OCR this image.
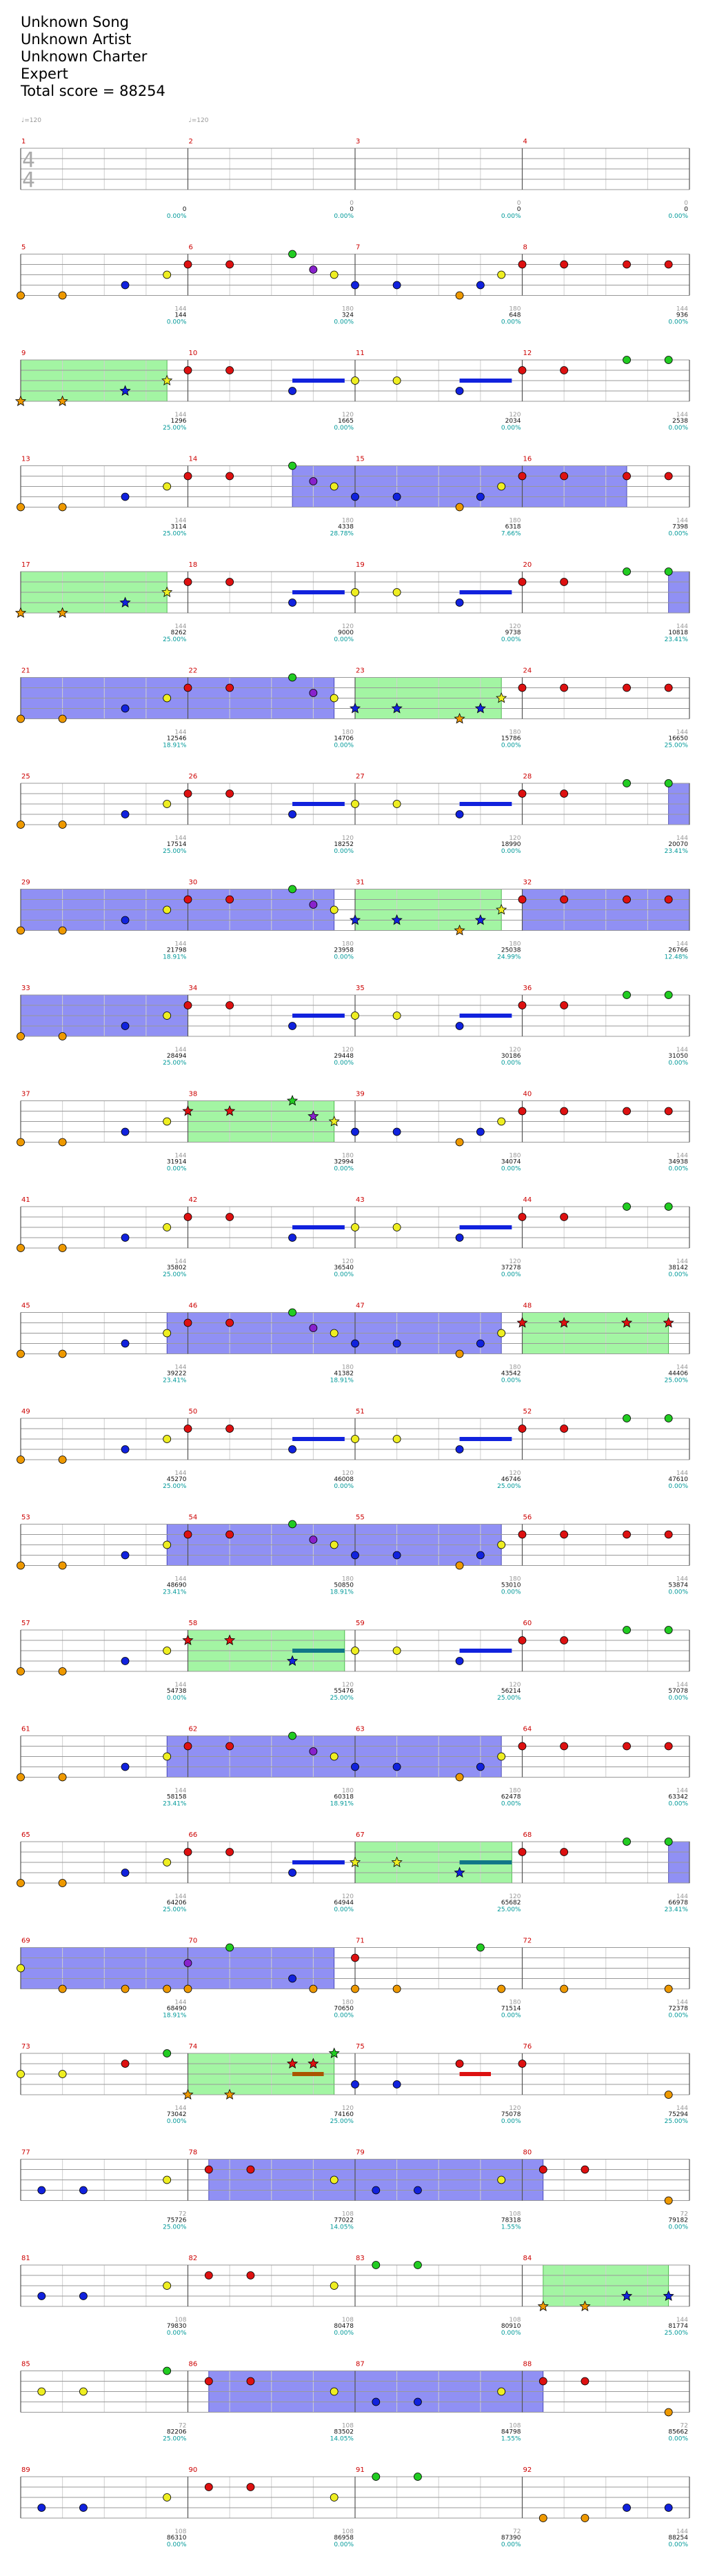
Unknown Song
Unknown Artist
Unknown Charter
Expert
Total score = 88254
1
0
0.00%
2
0
0
0.00%
3
0
0
0.00%
4
0
0
0.00%
4
4
♩=120	♩=120
5
144
144
0.00%
6
180
324
0.00%
7
180
648
0.00%
8
144
936
0.00%
9
144
1296
25.00%
10
120
1665
0.00%
11
120
2034
0.00%
12
144
2538
0.00%
13
144
3114
25.00%
14
180
4338
28.78%
15
180
6318
7.66%
16
144
7398
0.00%
17
144
8262
25.00%
18
120
9000
0.00%
19
120
9738
0.00%
20
144
10818
23.41%
21
144
12546
18.91%
22
180
14706
0.00%
23
180
15786
0.00%
24
144
16650
25.00%
25
144
17514
25.00%
26
120
18252
0.00%
27
120
18990
0.00%
28
144
20070
23.41%
29
144
21798
18.91%
30
180
23958
0.00%
31
180
25038
24.99%
32
144
26766
12.48%
33
144
28494
25.00%
34
120
29448
0.00%
35
120
30186
0.00%
36
144
31050
0.00%
37
144
31914
0.00%
38
180
32994
0.00%
39
180
34074
0.00%
40
144
34938
0.00%
41
144
35802
25.00%
42
120
36540
0.00%
43
120
37278
0.00%
44
144
38142
0.00%
45
144
39222
23.41%
46
180
41382
18.91%
47
180
43542
0.00%
48
144
44406
25.00%
49
144
45270
25.00%
50
120
46008
0.00%
51
120
46746
25.00%
52
144
47610
0.00%
53
144
48690
23.41%
54
180
50850
18.91%
55
180
53010
0.00%
56
144
53874
0.00%
57
144
54738
0.00%
58
120
55476
25.00%
59
120
56214
25.00%
60
144
57078
0.00%
61
144
58158
23.41%
62
180
60318
18.91%
63
180
62478
0.00%
64
144
63342
0.00%
65
144
64206
25.00%
66
120
64944
0.00%
67
120
65682
25.00%
68
144
66978
23.41%
69
144
68490
18.91%
70
180
70650
0.00%
71
180
71514
0.00%
72
144
72378
0.00%
73
144
73042
0.00%
74
120
74160
25.00%
75
120
75078
0.00%
76
144
75294
25.00%
77
72
75726
25.00%
78
108
77022
14.05%
79
108
78318
1.55%
80
72
79182
0.00%
81
108
79830
0.00%
82
108
80478
0.00%
83
108
80910
0.00%
84
144
81774
25.00%
85
72
82206
25.00%
86
108
83502
14.05%
87
108
84798
1.55%
88
72
85662
0.00%
89
108
86310
0.00%
90
108
86958
0.00%
91
72
87390
0.00%
92
144
88254
0.00%
